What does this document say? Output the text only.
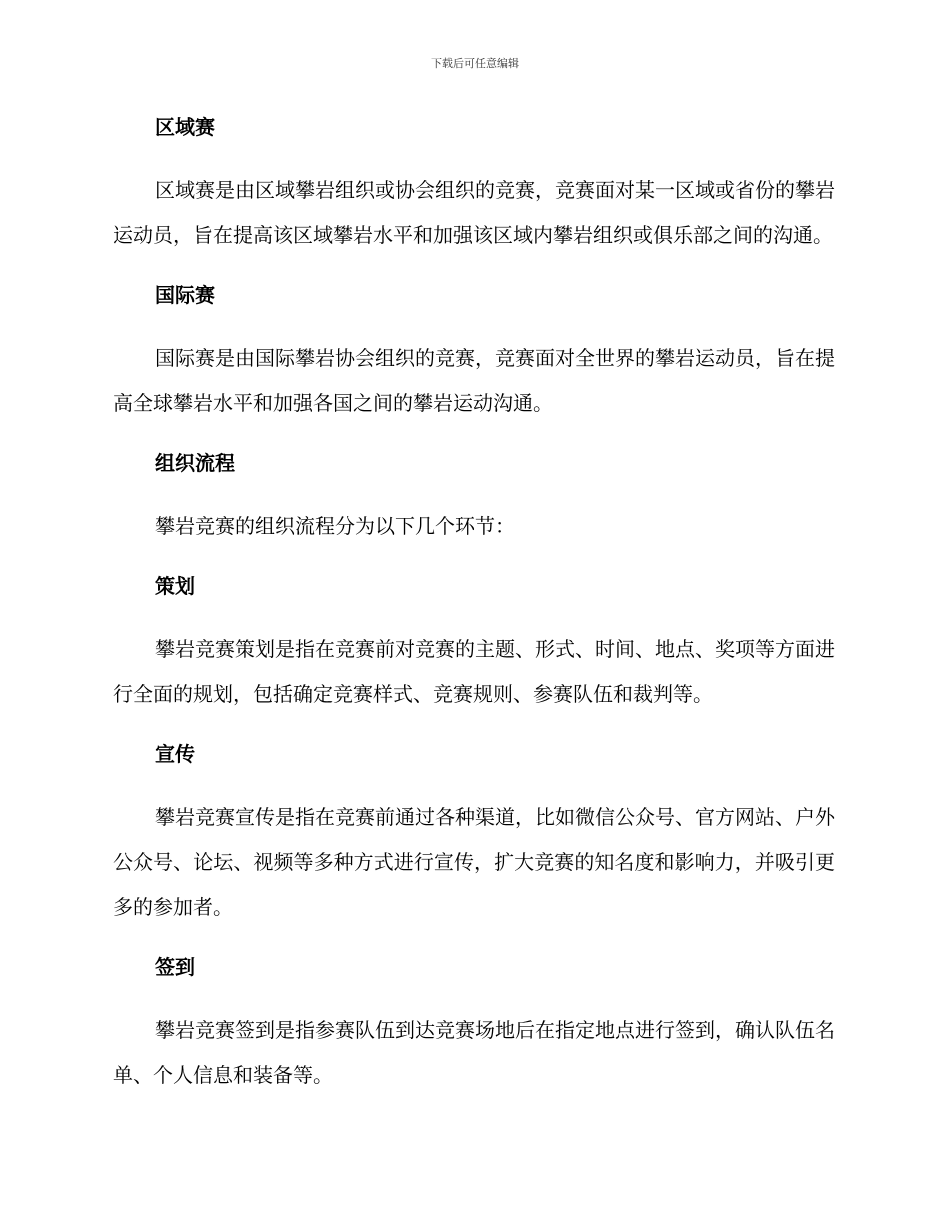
下载后可任意编辑
区域赛

区域赛是由区域攀岩组织或协会组织的竞赛，竞赛面对某一区域或省份的攀岩运动员，旨在提高该区域攀岩水平和加强该区域内攀岩组织或俱乐部之间的沟通。

国际赛

国际赛是由国际攀岩协会组织的竞赛，竞赛面对全世界的攀岩运动员，旨在提高全球攀岩水平和加强各国之间的攀岩运动沟通。

组织流程

攀岩竞赛的组织流程分为以下几个环节：

策划

攀岩竞赛策划是指在竞赛前对竞赛的主题、形式、时间、地点、奖项等方面进行全面的规划，包括确定竞赛样式、竞赛规则、参赛队伍和裁判等。

宣传

攀岩竞赛宣传是指在竞赛前通过各种渠道，比如微信公众号、官方网站、户外公众号、论坛、视频等多种方式进行宣传，扩大竞赛的知名度和影响力，并吸引更多的参加者。

签到

攀岩竞赛签到是指参赛队伍到达竞赛场地后在指定地点进行签到，确认队伍名单、个人信息和装备等。
